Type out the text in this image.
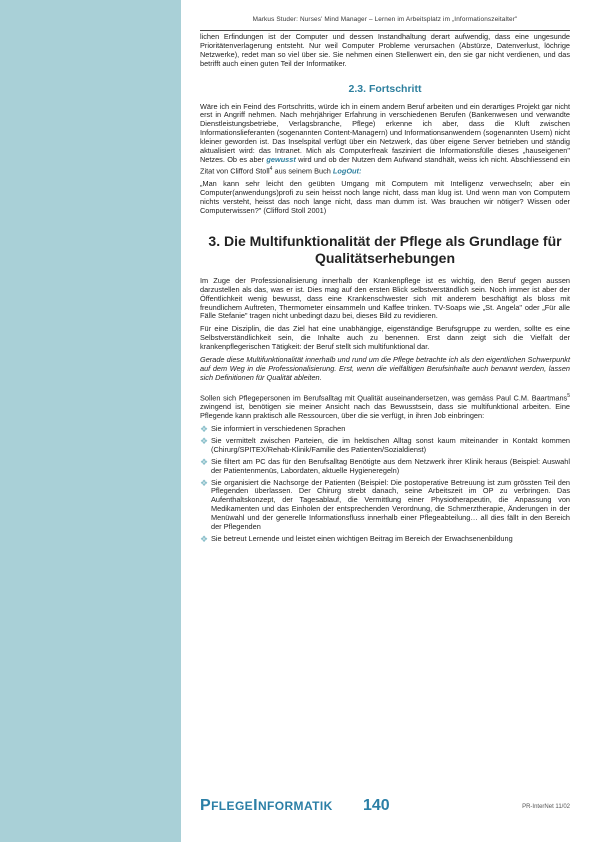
Markus Studer: Nurses' Mind Manager – Lernen im Arbeitsplatz im „Informationszeitalter"

lichen Erfindungen ist der Computer und dessen Instandhaltung derart aufwendig, dass eine ungesunde Prioritätenverlagerung entsteht. Nur weil Computer Probleme verursachen (Abstürze, Datenverlust, löchrige Netzwerke), redet man so viel über sie. Sie nehmen einen Stellenwert ein, den sie gar nicht verdienen, und das betrifft auch einen guten Teil der Informatiker.

2.3. Fortschritt

Wäre ich ein Feind des Fortschritts, würde ich in einem andern Beruf arbeiten und ein derartiges Projekt gar nicht erst in Angriff nehmen. Nach mehrjähriger Erfahrung in verschiedenen Berufen (Bankenwesen und verwandte Dienstleistungsbetriebe, Verlagsbranche, Pflege) erkenne ich aber, dass die Kluft zwischen Informationslieferanten (sogenannten Content-Managern) und Informationsanwendern (sogenannten Usern) nicht kleiner geworden ist. Das Inselspital verfügt über ein Netzwerk, das über eigene Server betrieben und ständig aktualisiert wird: das Intranet. Mich als Computerfreak fasziniert die Informationsfülle dieses „hauseigenen" Netzes. Ob es aber gewusst wird und ob der Nutzen dem Aufwand standhält, weiss ich nicht. Abschliessend ein Zitat von Clifford Stoll$^4$ aus seinem Buch LogOut:

„Man kann sehr leicht den geübten Umgang mit Computern mit Intelligenz verwechseln; aber ein Computer(anwendungs)profi zu sein heisst noch lange nicht, dass man klug ist. Und wenn man von Computern nichts versteht, heisst das noch lange nicht, dass man dumm ist. Was brauchen wir nötiger? Wissen oder Computerwissen?" (Clifford Stoll 2001)

3. Die Multifunktionalität der Pflege als Grundlage für Qualitätserhebungen

Im Zuge der Professionalisierung innerhalb der Krankenpflege ist es wichtig, den Beruf gegen aussen darzustellen als das, was er ist. Dies mag auf den ersten Blick selbstverständlich sein. Noch immer ist aber der Öffentlichkeit wenig bewusst, dass eine Krankenschwester sich mit anderem beschäftigt als bloss mit freundlichem Auftreten, Thermometer einsammeln und Kaffee trinken. TV-Soaps wie „St. Angela" oder „Für alle Fälle Stefanie" tragen nicht unbedingt dazu bei, dieses Bild zu revidieren.

Für eine Disziplin, die das Ziel hat eine unabhängige, eigenständige Berufsgruppe zu werden, sollte es eine Selbstverständlichkeit sein, die Inhalte auch zu benennen. Erst dann zeigt sich die Vielfalt der krankenpflegerischen Tätigkeit: der Beruf stellt sich multifunktional dar.

Gerade diese Multifunktionalität innerhalb und rund um die Pflege betrachte ich als den eigentlichen Schwerpunkt auf dem Weg in die Professionalisierung. Erst, wenn die vielfältigen Berufsinhalte auch benannt werden, lassen sich Definitionen für Qualität ableiten.

Sollen sich Pflegepersonen im Berufsalltag mit Qualität auseinandersetzen, was gemäss Paul C.M. Baartmans$^5$ zwingend ist, benötigen sie meiner Ansicht nach das Bewusstsein, dass sie multifunktional arbeiten. Eine Pflegende kann praktisch alle Ressourcen, über die sie verfügt, in ihren Job einbringen:

❖ Sie informiert in verschiedenen Sprachen
❖ Sie vermittelt zwischen Parteien, die im hektischen Alltag sonst kaum miteinander in Kontakt kommen (Chirurg/SPITEX/Rehab-Klinik/Familie des Patienten/Sozialdienst)
❖ Sie filtert am PC das für den Berufsalltag Benötigte aus dem Netzwerk ihrer Klinik heraus (Beispiel: Auswahl der Patientenmenüs, Labordaten, aktuelle Hygieneregeln)
❖ Sie organisiert die Nachsorge der Patienten (Beispiel: Die postoperative Betreuung ist zum grössten Teil den Pflegenden überlassen. Der Chirurg strebt danach, seine Arbeitszeit im OP zu verbringen. Das Aufenthaltskonzept, der Tagesablauf, die Vermittlung einer Physiotherapeutin, die Anpassung von Medikamenten und das Einholen der entsprechenden Verordnung, die Schmerztherapie, Änderungen in der Menüwahl und der generelle Informationsfluss innerhalb einer Pflegeabteilung… all dies fällt in den Bereich der Pflegenden
❖ Sie betreut Lernende und leistet einen wichtigen Beitrag im Bereich der Erwachsenenbildung
PFLEGEINFORMATIK 140	PR-InterNet 11/02
